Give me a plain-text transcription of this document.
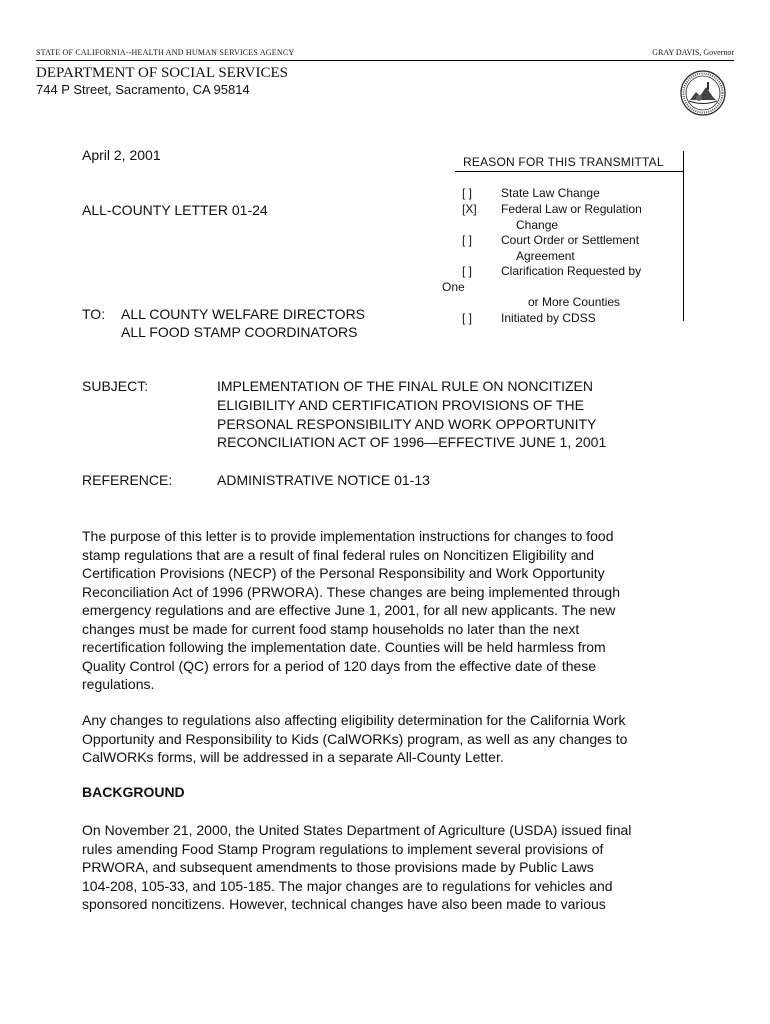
STATE OF CALIFORNIA--HEALTH AND HUMAN SERVICES AGENCY	GRAY DAVIS, Governor
DEPARTMENT OF SOCIAL SERVICES
744 P Street, Sacramento, CA 95814
April 2, 2001
ALL-COUNTY LETTER 01-24
REASON FOR THIS TRANSMITTAL
[ ] State Law Change
[X] Federal Law or Regulation
Change
[ ] Court Order or Settlement
Agreement
[ ] Clarification Requested by
One
or More Counties
[ ] Initiated by CDSS
TO: ALL COUNTY WELFARE DIRECTORS
ALL FOOD STAMP COORDINATORS
SUBJECT:	IMPLEMENTATION OF THE FINAL RULE ON NONCITIZEN
ELIGIBILITY AND CERTIFICATION PROVISIONS OF THE
PERSONAL RESPONSIBILITY AND WORK OPPORTUNITY
RECONCILIATION ACT OF 1996—EFFECTIVE JUNE 1, 2001
REFERENCE:	ADMINISTRATIVE NOTICE 01-13
The purpose of this letter is to provide implementation instructions for changes to food
stamp regulations that are a result of final federal rules on Noncitizen Eligibility and
Certification Provisions (NECP) of the Personal Responsibility and Work Opportunity
Reconciliation Act of 1996 (PRWORA). These changes are being implemented through
emergency regulations and are effective June 1, 2001, for all new applicants. The new
changes must be made for current food stamp households no later than the next
recertification following the implementation date. Counties will be held harmless from
Quality Control (QC) errors for a period of 120 days from the effective date of these
regulations.
Any changes to regulations also affecting eligibility determination for the California Work
Opportunity and Responsibility to Kids (CalWORKs) program, as well as any changes to
CalWORKs forms, will be addressed in a separate All-County Letter.
BACKGROUND
On November 21, 2000, the United States Department of Agriculture (USDA) issued final
rules amending Food Stamp Program regulations to implement several provisions of
PRWORA, and subsequent amendments to those provisions made by Public Laws
104-208, 105-33, and 105-185. The major changes are to regulations for vehicles and
sponsored noncitizens. However, technical changes have also been made to various
